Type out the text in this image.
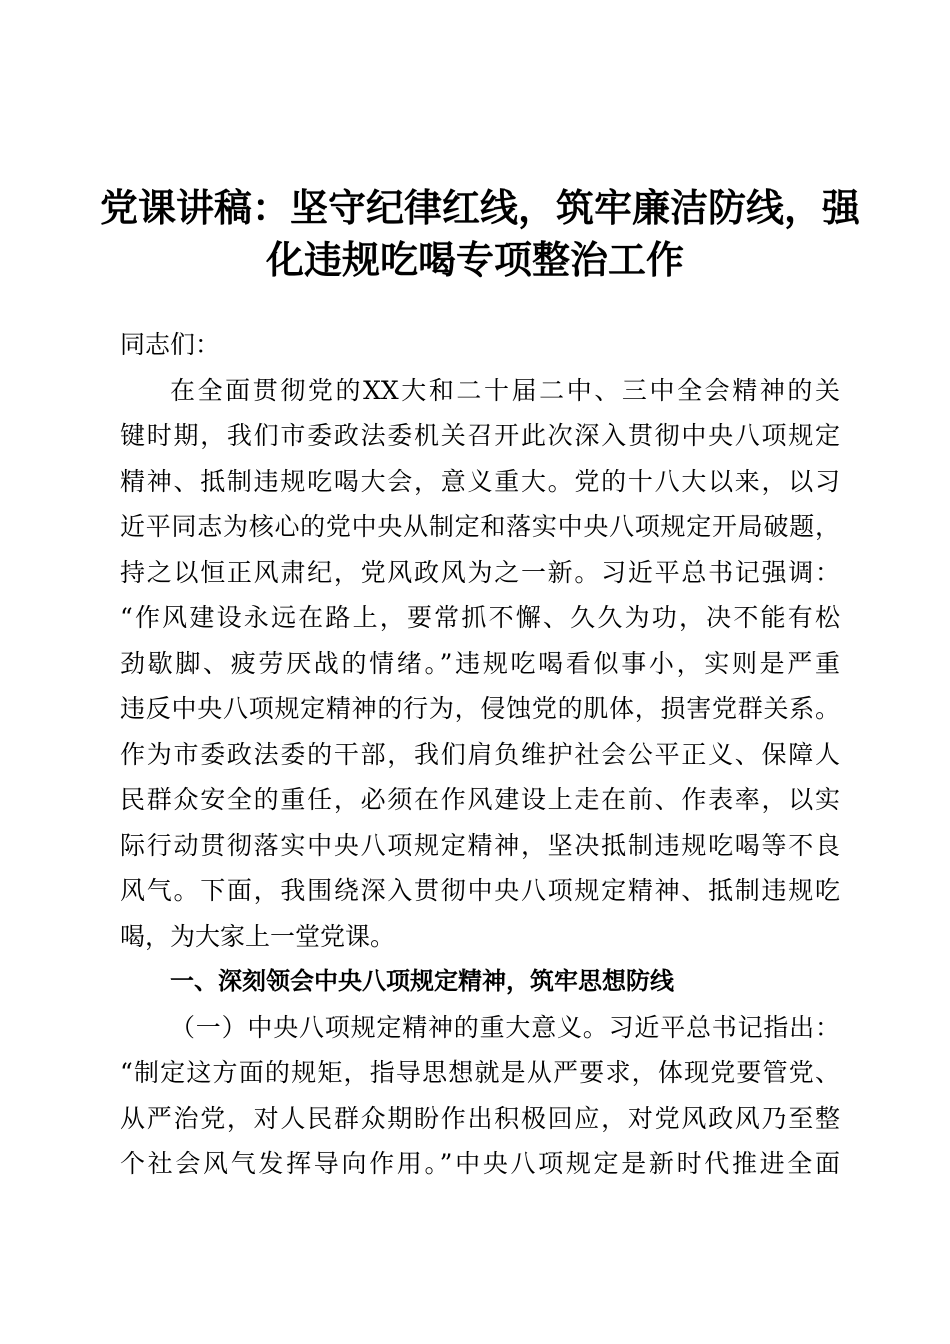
党课讲稿：坚守纪律红线，筑牢廉洁防线，强
化违规吃喝专项整治工作
同志们：
在全面贯彻党的XX大和二十届二中、三中全会精神的关
键时期，我们市委政法委机关召开此次深入贯彻中央八项规定
精神、抵制违规吃喝大会，意义重大。党的十八大以来，以习
近平同志为核心的党中央从制定和落实中央八项规定开局破题，
持之以恒正风肃纪，党风政风为之一新。习近平总书记强调：
“作风建设永远在路上，要常抓不懈、久久为功，决不能有松
劲歇脚、疲劳厌战的情绪。”违规吃喝看似事小，实则是严重
违反中央八项规定精神的行为，侵蚀党的肌体，损害党群关系。
作为市委政法委的干部，我们肩负维护社会公平正义、保障人
民群众安全的重任，必须在作风建设上走在前、作表率，以实
际行动贯彻落实中央八项规定精神，坚决抵制违规吃喝等不良
风气。下面，我围绕深入贯彻中央八项规定精神、抵制违规吃
喝，为大家上一堂党课。
一、深刻领会中央八项规定精神，筑牢思想防线
（一）中央八项规定精神的重大意义。习近平总书记指出：
“制定这方面的规矩，指导思想就是从严要求，体现党要管党、
从严治党，对人民群众期盼作出积极回应，对党风政风乃至整
个社会风气发挥导向作用。”中央八项规定是新时代推进全面
